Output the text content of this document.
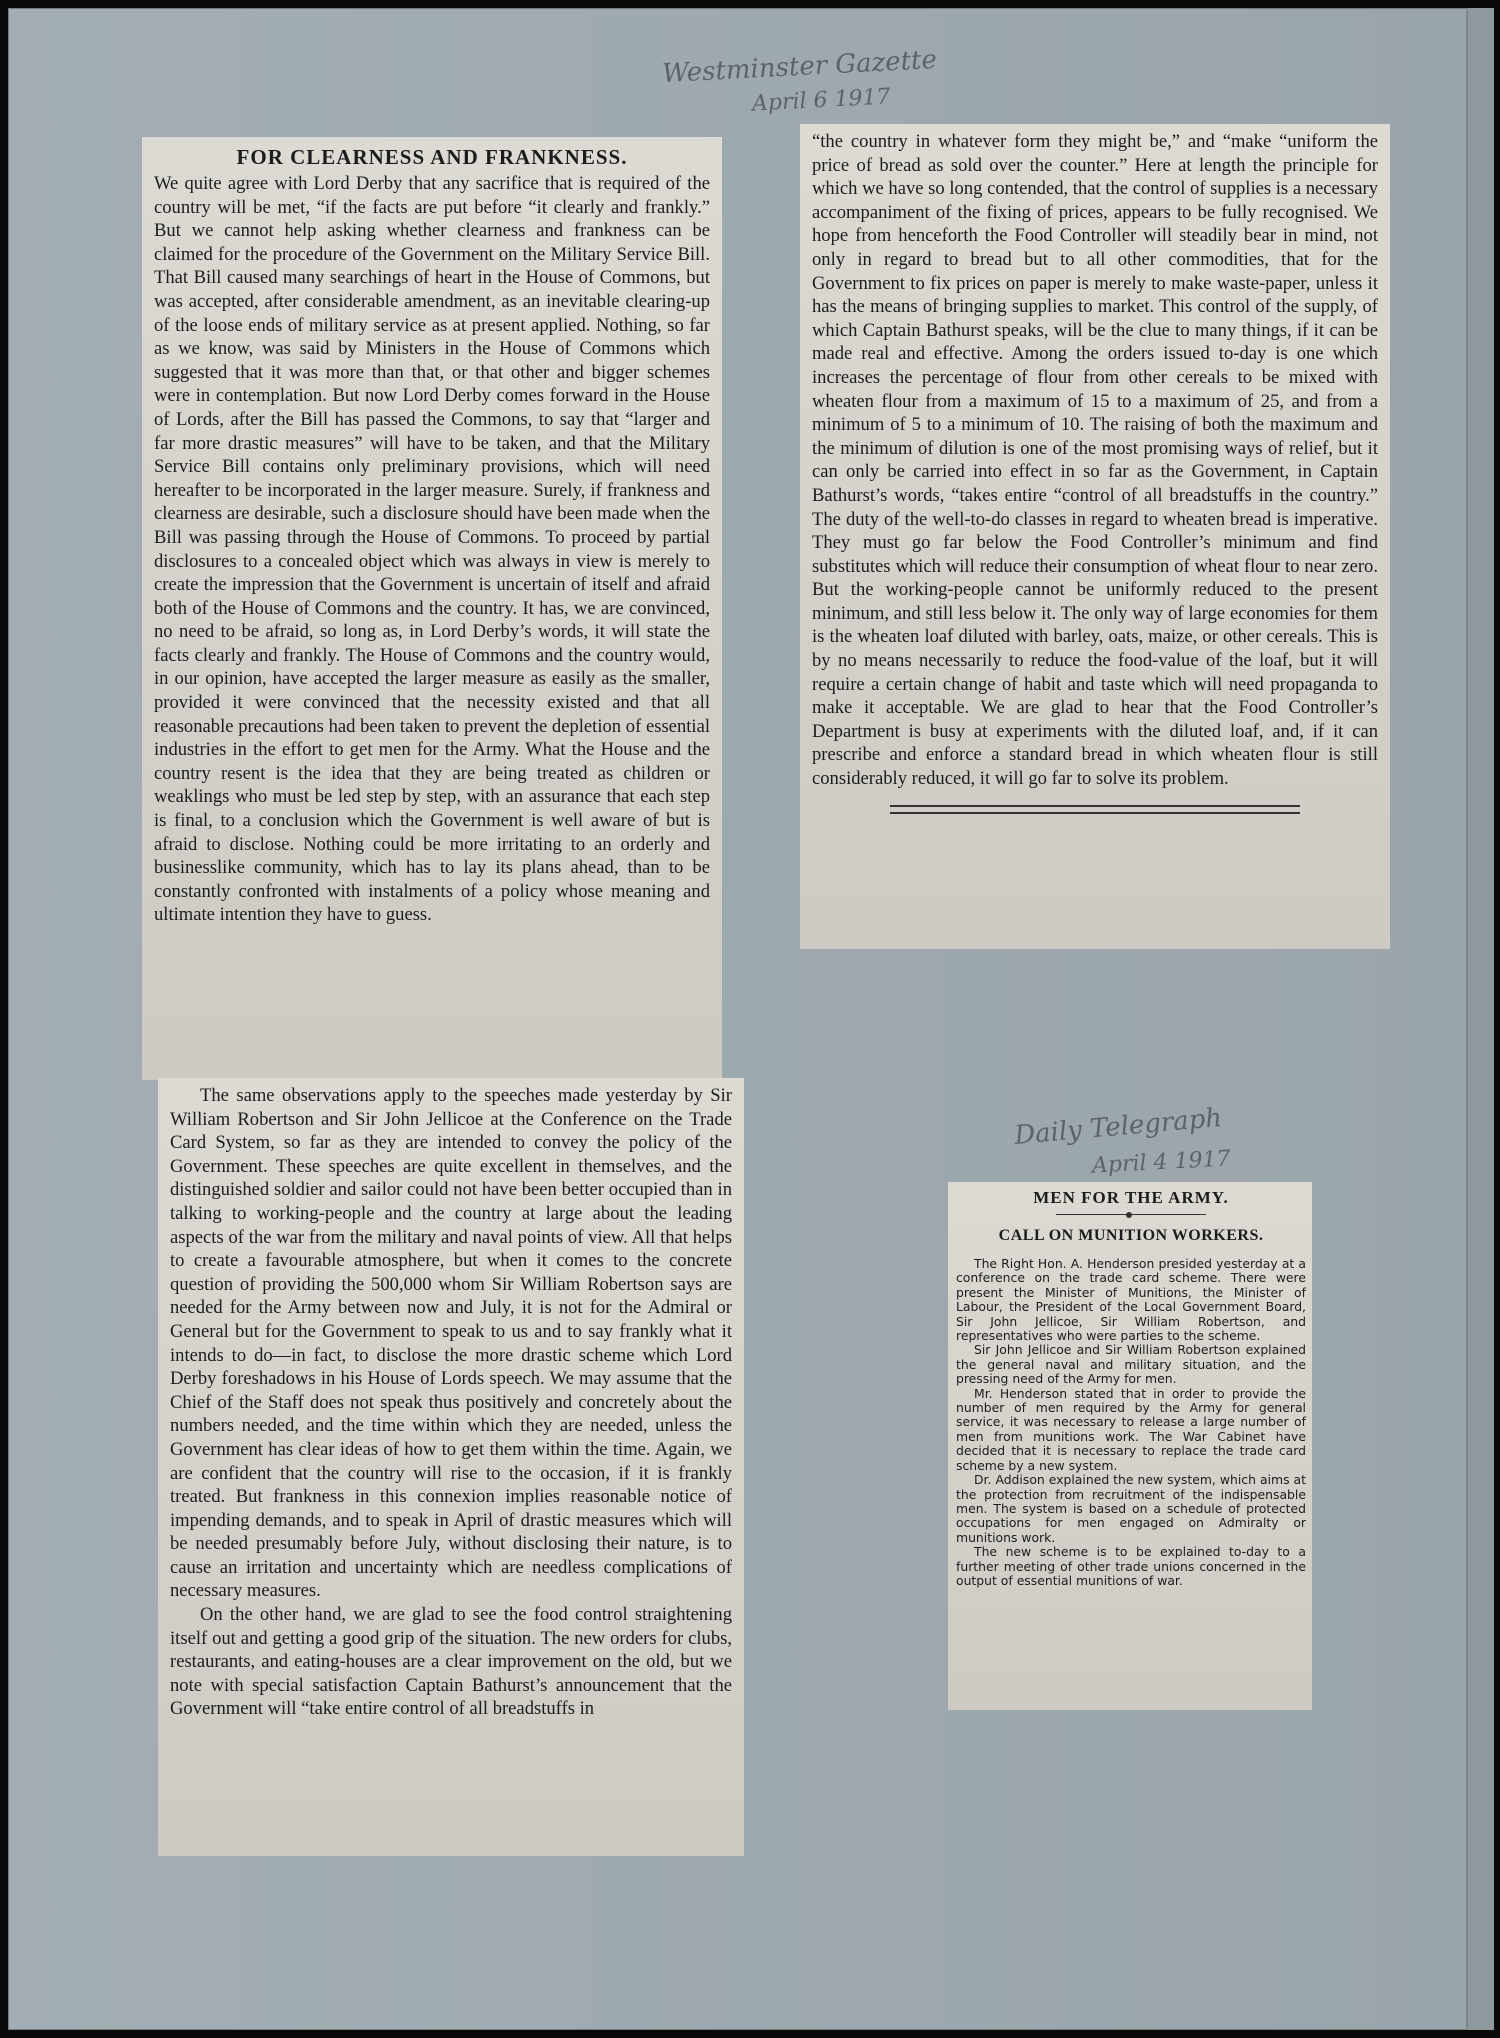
Westminster Gazette
April 6 1917
Daily Telegraph
April 4 1917
FOR CLEARNESS AND FRANKNESS.

We quite agree with Lord Derby that any sacrifice that is required of the country will be met, “if the facts are put before “it clearly and frankly.” But we cannot help asking whether clearness and frankness can be claimed for the procedure of the Government on the Military Service Bill. That Bill caused many searchings of heart in the House of Commons, but was accepted, after considerable amendment, as an inevitable clearing-up of the loose ends of military service as at present applied. Nothing, so far as we know, was said by Ministers in the House of Commons which suggested that it was more than that, or that other and bigger schemes were in contemplation. But now Lord Derby comes forward in the House of Lords, after the Bill has passed the Commons, to say that “larger and far more drastic measures” will have to be taken, and that the Military Service Bill contains only preliminary provisions, which will need hereafter to be incorporated in the larger measure. Surely, if frankness and clearness are desirable, such a disclosure should have been made when the Bill was passing through the House of Commons. To proceed by partial disclosures to a concealed object which was always in view is merely to create the impression that the Government is uncertain of itself and afraid both of the House of Commons and the country. It has, we are convinced, no need to be afraid, so long as, in Lord Derby’s words, it will state the facts clearly and frankly. The House of Commons and the country would, in our opinion, have accepted the larger measure as easily as the smaller, provided it were convinced that the necessity existed and that all reasonable precautions had been taken to prevent the depletion of essential industries in the effort to get men for the Army. What the House and the country resent is the idea that they are being treated as children or weaklings who must be led step by step, with an assurance that each step is final, to a conclusion which the Government is well aware of but is afraid to disclose. Nothing could be more irritating to an orderly and businesslike community, which has to lay its plans ahead, than to be constantly confronted with instalments of a policy whose meaning and ultimate intention they have to guess.

The same observations apply to the speeches made yesterday by Sir William Robertson and Sir John Jellicoe at the Conference on the Trade Card System, so far as they are intended to convey the policy of the Government. These speeches are quite excellent in themselves, and the distinguished soldier and sailor could not have been better occupied than in talking to working-people and the country at large about the leading aspects of the war from the military and naval points of view. All that helps to create a favourable atmosphere, but when it comes to the concrete question of providing the 500,000 whom Sir William Robertson says are needed for the Army between now and July, it is not for the Admiral or General but for the Government to speak to us and to say frankly what it intends to do—in fact, to disclose the more drastic scheme which Lord Derby foreshadows in his House of Lords speech. We may assume that the Chief of the Staff does not speak thus positively and concretely about the numbers needed, and the time within which they are needed, unless the Government has clear ideas of how to get them within the time. Again, we are confident that the country will rise to the occasion, if it is frankly treated. But frankness in this connexion implies reasonable notice of impending demands, and to speak in April of drastic measures which will be needed presumably before July, without disclosing their nature, is to cause an irritation and uncertainty which are needless complications of necessary measures.

On the other hand, we are glad to see the food control straightening itself out and getting a good grip of the situation. The new orders for clubs, restaurants, and eating-houses are a clear improvement on the old, but we note with special satisfaction Captain Bathurst’s announcement that the Government will “take entire control of all breadstuffs in

“the country in whatever form they might be,” and “make “uniform the price of bread as sold over the counter.” Here at length the principle for which we have so long contended, that the control of supplies is a necessary accompaniment of the fixing of prices, appears to be fully recognised. We hope from henceforth the Food Controller will steadily bear in mind, not only in regard to bread but to all other commodities, that for the Government to fix prices on paper is merely to make waste-paper, unless it has the means of bringing supplies to market. This control of the supply, of which Captain Bathurst speaks, will be the clue to many things, if it can be made real and effective. Among the orders issued to-day is one which increases the percentage of flour from other cereals to be mixed with wheaten flour from a maximum of 15 to a maximum of 25, and from a minimum of 5 to a minimum of 10. The raising of both the maximum and the minimum of dilution is one of the most promising ways of relief, but it can only be carried into effect in so far as the Government, in Captain Bathurst’s words, “takes entire “control of all breadstuffs in the country.” The duty of the well-to-do classes in regard to wheaten bread is imperative. They must go far below the Food Controller’s minimum and find substitutes which will reduce their consumption of wheat flour to near zero. But the working-people cannot be uniformly reduced to the present minimum, and still less below it. The only way of large economies for them is the wheaten loaf diluted with barley, oats, maize, or other cereals. This is by no means necessarily to reduce the food-value of the loaf, but it will require a certain change of habit and taste which will need propaganda to make it acceptable. We are glad to hear that the Food Controller’s Department is busy at experiments with the diluted loaf, and, if it can prescribe and enforce a standard bread in which wheaten flour is still considerably reduced, it will go far to solve its problem.

MEN FOR THE ARMY.
CALL ON MUNITION WORKERS.

The Right Hon. A. Henderson presided yesterday at a conference on the trade card scheme. There were present the Minister of Munitions, the Minister of Labour, the President of the Local Government Board, Sir John Jellicoe, Sir William Robertson, and representatives who were parties to the scheme.

Sir John Jellicoe and Sir William Robertson explained the general naval and military situation, and the pressing need of the Army for men.

Mr. Henderson stated that in order to provide the number of men required by the Army for general service, it was necessary to release a large number of men from munitions work. The War Cabinet have decided that it is necessary to replace the trade card scheme by a new system.

Dr. Addison explained the new system, which aims at the protection from recruitment of the indispensable men. The system is based on a schedule of protected occupations for men engaged on Admiralty or munitions work.

The new scheme is to be explained to-day to a further meeting of other trade unions concerned in the output of essential munitions of war.
